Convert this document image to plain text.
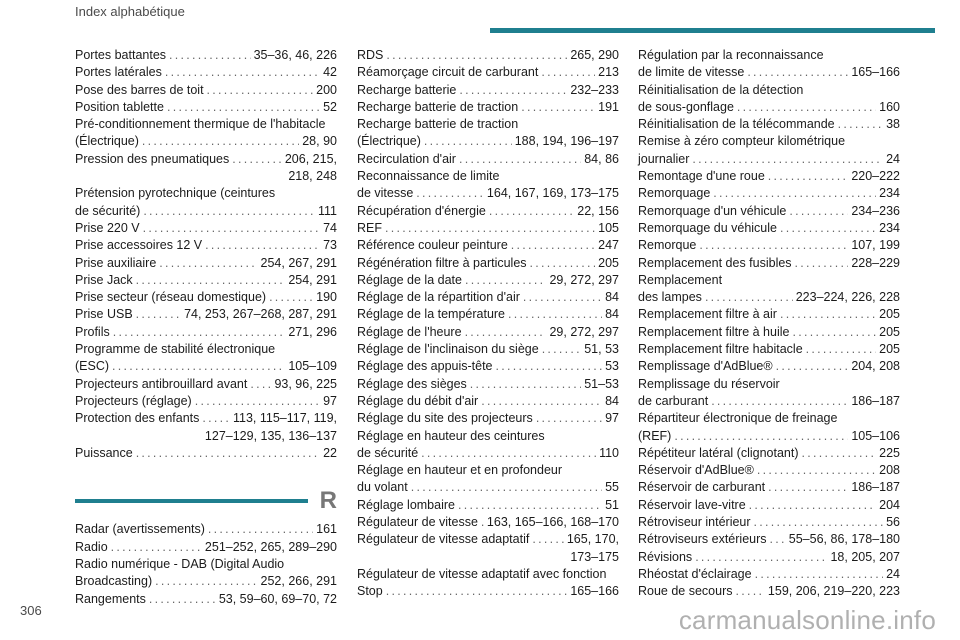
Index alphabétique
Portes battantes . . .	35–36, 46, 226
Portes latérales . . .	42
Pose des barres de toit . . .	200
Position tablette . . .	52
Pré-conditionnement thermique de l'habitacle
(Électrique) . . .	28, 90
Pression des pneumatiques . . .	206, 215,
218, 248
Prétension pyrotechnique (ceintures
de sécurité) . . .	111
Prise 220 V . . .	74
Prise accessoires 12 V . . .	73
Prise auxiliaire . . .	254, 267, 291
Prise Jack . . .	254, 291
Prise secteur (réseau domestique) . . .	190
Prise USB . . .	74, 253, 267–268, 287, 291
Profils . . .	271, 296
Programme de stabilité électronique
(ESC) . . .	105–109
Projecteurs antibrouillard avant . . . 93, 96, 225
Projecteurs (réglage) . . .	97
Protection des enfants . . .	113, 115–117, 119,
127–129, 135, 136–137
Puissance . . .	22
R
Radar (avertissements) . . .	161
Radio . . .	251–252, 265, 289–290
Radio numérique - DAB (Digital Audio
Broadcasting) . . .	252, 266, 291
Rangements . . .	53, 59–60, 69–70, 72
RDS . . .	265, 290
Réamorçage circuit de carburant . . .	213
Recharge batterie . . .	232–233
Recharge batterie de traction . . .	191
Recharge batterie de traction
(Électrique) . . .	188, 194, 196–197
Recirculation d'air . . .	84, 86
Reconnaissance de limite
de vitesse . . .	164, 167, 169, 173–175
Récupération d'énergie . . .	22, 156
REF . . .	105
Référence couleur peinture . . .	247
Régénération filtre à particules . . .	205
Réglage de la date . . .	29, 272, 297
Réglage de la répartition d'air . . .	84
Réglage de la température . . .	84
Réglage de l'heure . . .	29, 272, 297
Réglage de l'inclinaison du siège . . .	51, 53
Réglage des appuis-tête . . .	53
Réglage des sièges . . .	51–53
Réglage du débit d'air . . .	84
Réglage du site des projecteurs . . .	97
Réglage en hauteur des ceintures
de sécurité . . .	110
Réglage en hauteur et en profondeur
du volant . . .	55
Réglage lombaire . . .	51
Régulateur de vitesse . . . 163, 165–166, 168–170
Régulateur de vitesse adaptatif . . .	165, 170,
173–175
Régulateur de vitesse adaptatif avec fonction
Stop . . .	165–166
Régulation par la reconnaissance
de limite de vitesse . . .	165–166
Réinitialisation de la détection
de sous-gonflage . . .	160
Réinitialisation de la télécommande . . .	38
Remise à zéro compteur kilométrique
journalier . . .	24
Remontage d'une roue . . .	220–222
Remorquage . . .	234
Remorquage d'un véhicule . . .	234–236
Remorquage du véhicule . . .	234
Remorque . . .	107, 199
Remplacement des fusibles . . .	228–229
Remplacement
des lampes . . .	223–224, 226, 228
Remplacement filtre à air . . .	205
Remplacement filtre à huile . . .	205
Remplacement filtre habitacle . . .	205
Remplissage d'AdBlue® . . .	204, 208
Remplissage du réservoir
de carburant . . .	186–187
Répartiteur électronique de freinage
(REF) . . .	105–106
Répétiteur latéral (clignotant) . . .	225
Réservoir d'AdBlue® . . .	208
Réservoir de carburant . . .	186–187
Réservoir lave-vitre . . .	204
Rétroviseur intérieur . . .	56
Rétroviseurs extérieurs . . . 55–56, 86, 178–180
Révisions . . .	18, 205, 207
Rhéostat d'éclairage . . .	24
Roue de secours . . .	159, 206, 219–220, 223
306	carmanualsonline.info
